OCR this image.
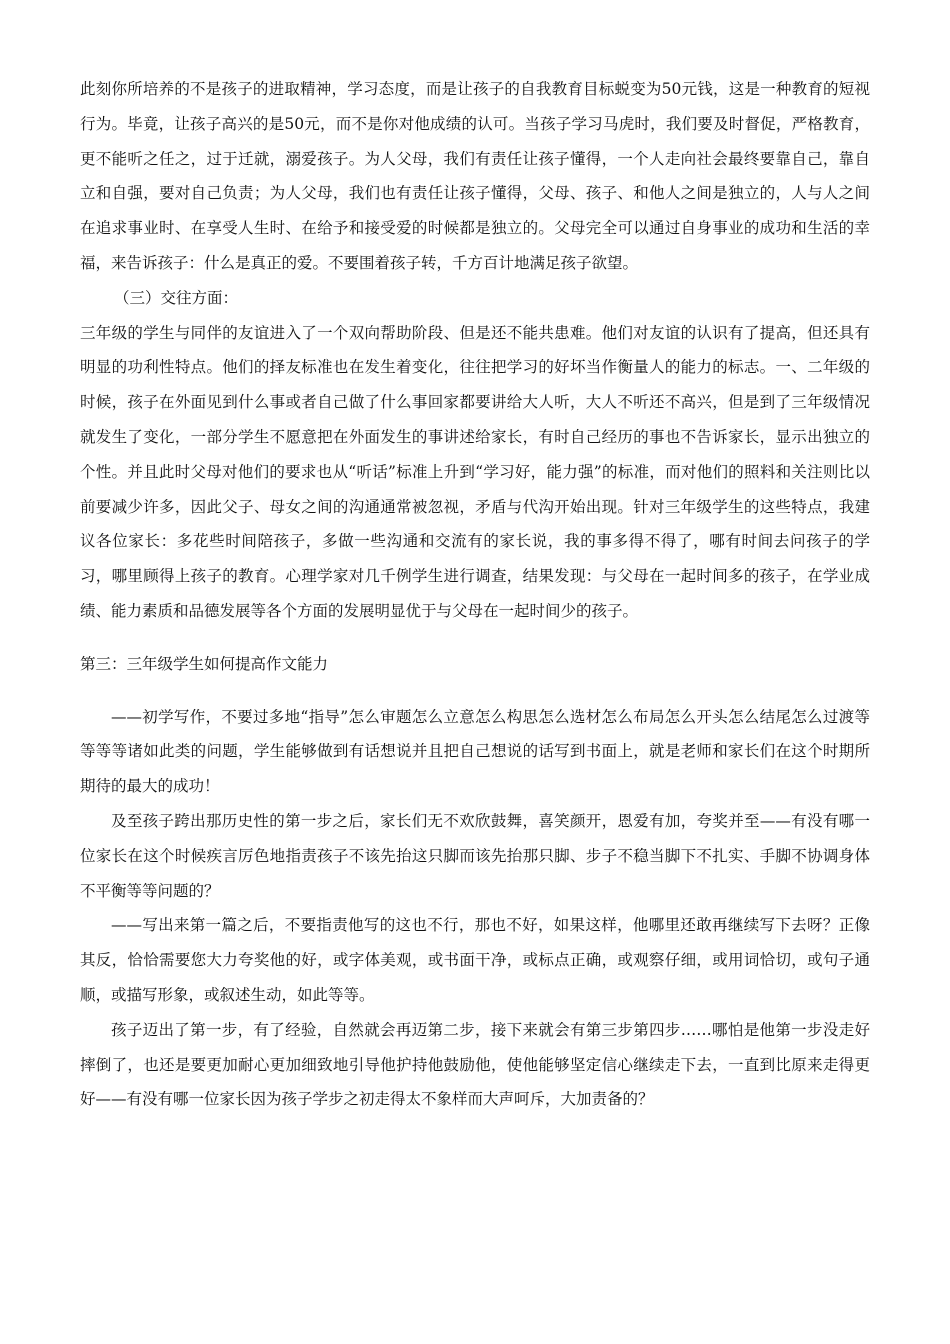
此刻你所培养的不是孩子的进取精神，学习态度，而是让孩子的自我教育目标蜕变为50元钱，这是一种教育的短视行为。毕竟，让孩子高兴的是50元，而不是你对他成绩的认可。当孩子学习马虎时，我们要及时督促，严格教育，更不能听之任之，过于迁就，溺爱孩子。为人父母，我们有责任让孩子懂得，一个人走向社会最终要靠自己，靠自立和自强，要对自己负责；为人父母，我们也有责任让孩子懂得，父母、孩子、和他人之间是独立的，人与人之间在追求事业时、在享受人生时、在给予和接受爱的时候都是独立的。父母完全可以通过自身事业的成功和生活的幸福，来告诉孩子：什么是真正的爱。不要围着孩子转，千方百计地满足孩子欲望。

（三）交往方面：

三年级的学生与同伴的友谊进入了一个双向帮助阶段、但是还不能共患难。他们对友谊的认识有了提高，但还具有明显的功利性特点。他们的择友标准也在发生着变化，往往把学习的好坏当作衡量人的能力的标志。一、二年级的时候，孩子在外面见到什么事或者自己做了什么事回家都要讲给大人听，大人不听还不高兴，但是到了三年级情况就发生了变化，一部分学生不愿意把在外面发生的事讲述给家长，有时自己经历的事也不告诉家长，显示出独立的个性。并且此时父母对他们的要求也从“听话”标准上升到“学习好，能力强”的标准，而对他们的照料和关注则比以前要减少许多，因此父子、母女之间的沟通通常被忽视，矛盾与代沟开始出现。针对三年级学生的这些特点，我建议各位家长：多花些时间陪孩子，多做一些沟通和交流有的家长说，我的事多得不得了，哪有时间去问孩子的学习，哪里顾得上孩子的教育。心理学家对几千例学生进行调查，结果发现：与父母在一起时间多的孩子，在学业成绩、能力素质和品德发展等各个方面的发展明显优于与父母在一起时间少的孩子。

第三：三年级学生如何提高作文能力

——初学写作，不要过多地“指导”怎么审题怎么立意怎么构思怎么选材怎么布局怎么开头怎么结尾怎么过渡等等等等诸如此类的问题，学生能够做到有话想说并且把自己想说的话写到书面上，就是老师和家长们在这个时期所期待的最大的成功！

及至孩子跨出那历史性的第一步之后，家长们无不欢欣鼓舞，喜笑颜开，恩爱有加，夸奖并至——有没有哪一位家长在这个时候疾言厉色地指责孩子不该先抬这只脚而该先抬那只脚、步子不稳当脚下不扎实、手脚不协调身体不平衡等等问题的？

——写出来第一篇之后，不要指责他写的这也不行，那也不好，如果这样，他哪里还敢再继续写下去呀？正像其反，恰恰需要您大力夸奖他的好，或字体美观，或书面干净，或标点正确，或观察仔细，或用词恰切，或句子通顺，或描写形象，或叙述生动，如此等等。

孩子迈出了第一步，有了经验，自然就会再迈第二步，接下来就会有第三步第四步……哪怕是他第一步没走好摔倒了，也还是要更加耐心更加细致地引导他护持他鼓励他，使他能够坚定信心继续走下去，一直到比原来走得更好——有没有哪一位家长因为孩子学步之初走得太不象样而大声呵斥，大加责备的？
